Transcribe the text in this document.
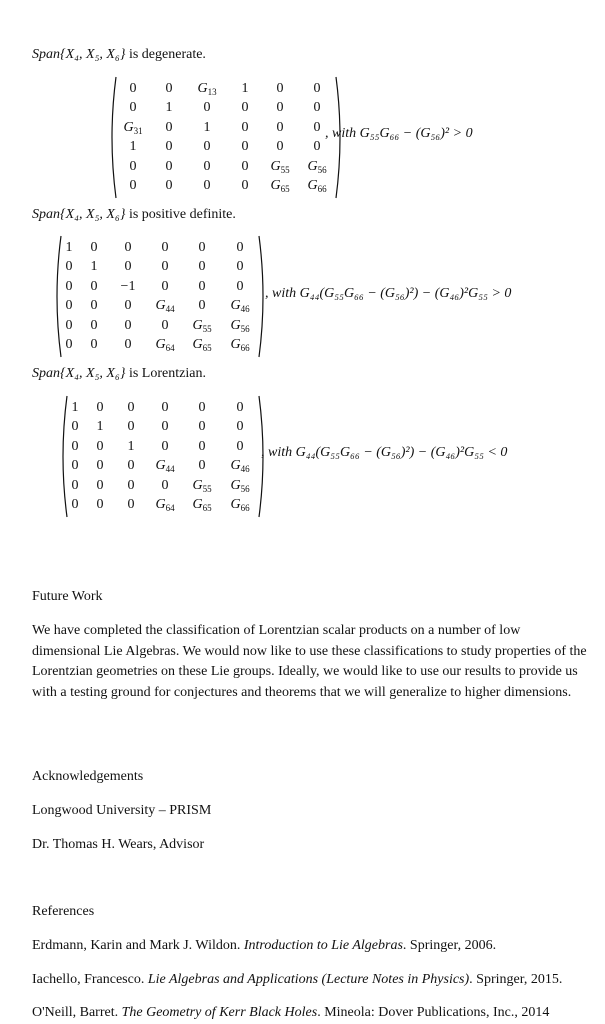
Span{X₄, X₅, X₆} is degenerate.
0	0	$G_{13}$	1	0	0
0	1	0	0	0	0
$G_{31}$	0	1	0	0	0
1	0	0	0	0	0
0	0	0	0	$G_{55}$	$G_{56}$
0	0	0	0	$G_{65}$	$G_{66}$
, with G₅₅G₆₆ − (G₅₆)² > 0
Span{X₄, X₅, X₆} is positive definite.
1	0	0	0	0	0
0	1	0	0	0	0
0	0	−1	0	0	0
0	0	0	$G_{44}$	0	$G_{46}$
0	0	0	0	$G_{55}$	$G_{56}$
0	0	0	$G_{64}$	$G_{65}$	$G_{66}$
, with G₄₄(G₅₅G₆₆ − (G₅₆)²) − (G₄₆)²G₅₅ > 0
Span{X₄, X₅, X₆} is Lorentzian.
1	0	0	0	0	0
0	1	0	0	0	0
0	0	1	0	0	0
0	0	0	$G_{44}$	0	$G_{46}$
0	0	0	0	$G_{55}$	$G_{56}$
0	0	0	$G_{64}$	$G_{65}$	$G_{66}$
, with G₄₄(G₅₅G₆₆ − (G₅₆)²) − (G₄₆)²G₅₅ < 0
Future Work
We have completed the classification of Lorentzian scalar products on a number of low dimensional Lie Algebras. We would now like to use these classifications to study properties of the Lorentzian geometries on these Lie groups. Ideally, we would like to use our results to provide us with a testing ground for conjectures and theorems that we will generalize to higher dimensions.
Acknowledgements
Longwood University – PRISM
Dr. Thomas H. Wears, Advisor
References
Erdmann, Karin and Mark J. Wildon. Introduction to Lie Algebras. Springer, 2006.
Iachello, Francesco. Lie Algebras and Applications (Lecture Notes in Physics). Springer, 2015.
O'Neill, Barret. The Geometry of Kerr Black Holes. Mineola: Dover Publications, Inc., 2014
